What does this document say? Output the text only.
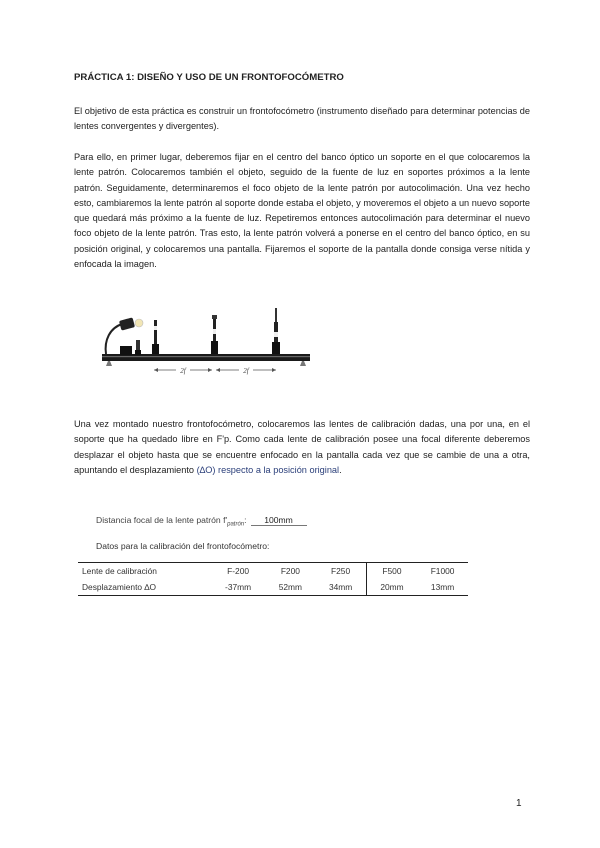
PRÁCTICA 1: DISEÑO Y USO DE UN FRONTOFOCÓMETRO

El objetivo de esta práctica es construir un frontofocómetro (instrumento diseñado para determinar potencias de lentes convergentes y divergentes).

Para ello, en primer lugar, deberemos fijar en el centro del banco óptico un soporte en el que colocaremos la lente patrón. Colocaremos también el objeto, seguido de la fuente de luz en soportes próximos a la lente patrón. Seguidamente, determinaremos el foco objeto de la lente patrón por autocolimación. Una vez hecho esto, cambiaremos la lente patrón al soporte donde estaba el objeto, y moveremos el objeto a un nuevo soporte que quedará más próximo a la fuente de luz. Repetiremos entonces autocolimación para determinar el nuevo foco objeto de la lente patrón. Tras esto, la lente patrón volverá a ponerse en el centro del banco óptico, en su posición original, y colocaremos una pantalla. Fijaremos el soporte de la pantalla donde consiga verse nítida y enfocada la imagen.

2f	2f

Una vez montado nuestro frontofocómetro, colocaremos las lentes de calibración dadas, una por una, en el soporte que ha quedado libre en F'p. Como cada lente de calibración posee una focal diferente deberemos desplazar el objeto hasta que se encuentre enfocado en la pantalla cada vez que se cambie de una a otra, apuntando el desplazamiento (∆O) respecto a la posición original.

Distancia focal de la lente patrón $f'_{patrón}$: 100mm
Datos para la calibración del frontofocómetro:
Lente de calibración	F-200	F200	F250	F500	F1000
Desplazamiento ∆O	-37mm	52mm	34mm	20mm	13mm
1
